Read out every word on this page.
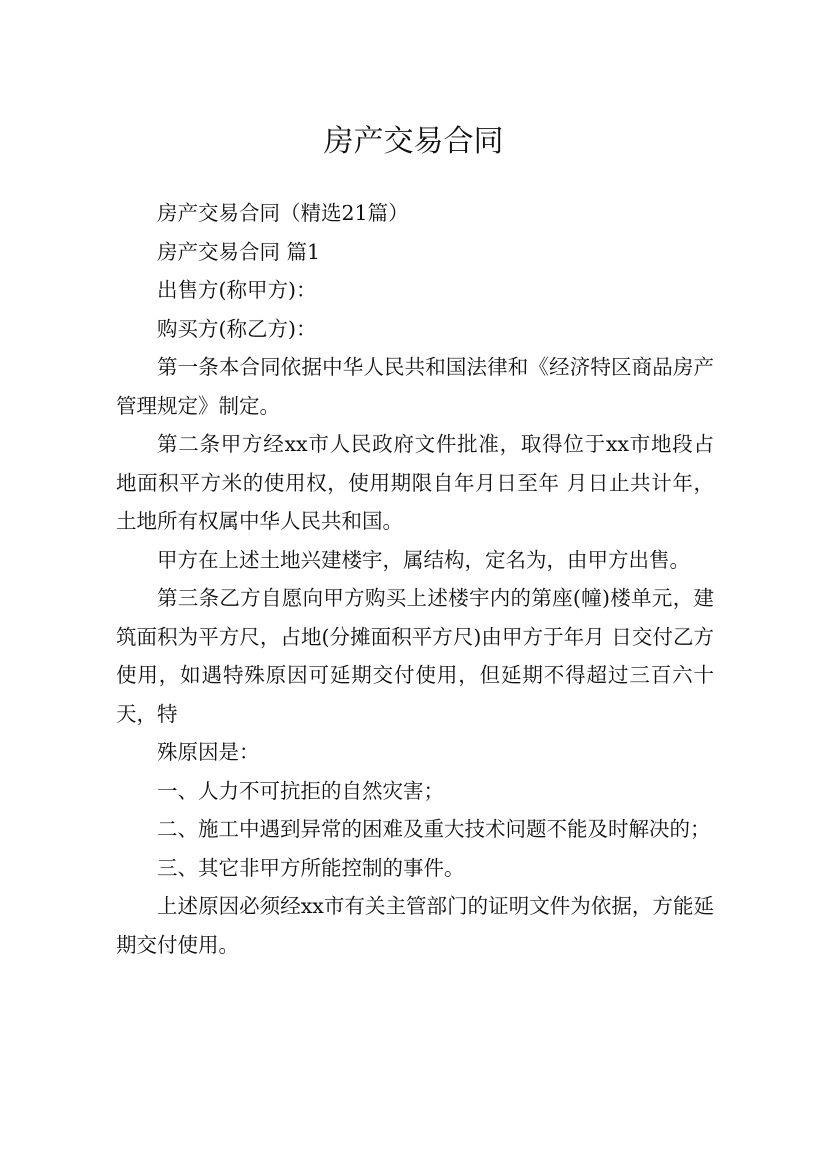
房产交易合同

房产交易合同（精选21篇）

房产交易合同 篇1

出售方(称甲方)：

购买方(称乙方)：

第一条本合同依据中华人民共和国法律和《经济特区商品房产管理规定》制定。

第二条甲方经xx市人民政府文件批准，取得位于xx市地段占地面积平方米的使用权，使用期限自年月日至年 月日止共计年，土地所有权属中华人民共和国。

甲方在上述土地兴建楼宇，属结构，定名为，由甲方出售。

第三条乙方自愿向甲方购买上述楼宇内的第座(幢)楼单元，建筑面积为平方尺，占地(分摊面积平方尺)由甲方于年月 日交付乙方使用，如遇特殊原因可延期交付使用，但延期不得超过三百六十天，特

殊原因是：

一、人力不可抗拒的自然灾害；

二、施工中遇到异常的困难及重大技术问题不能及时解决的；

三、其它非甲方所能控制的事件。

上述原因必须经xx市有关主管部门的证明文件为依据，方能延期交付使用。
